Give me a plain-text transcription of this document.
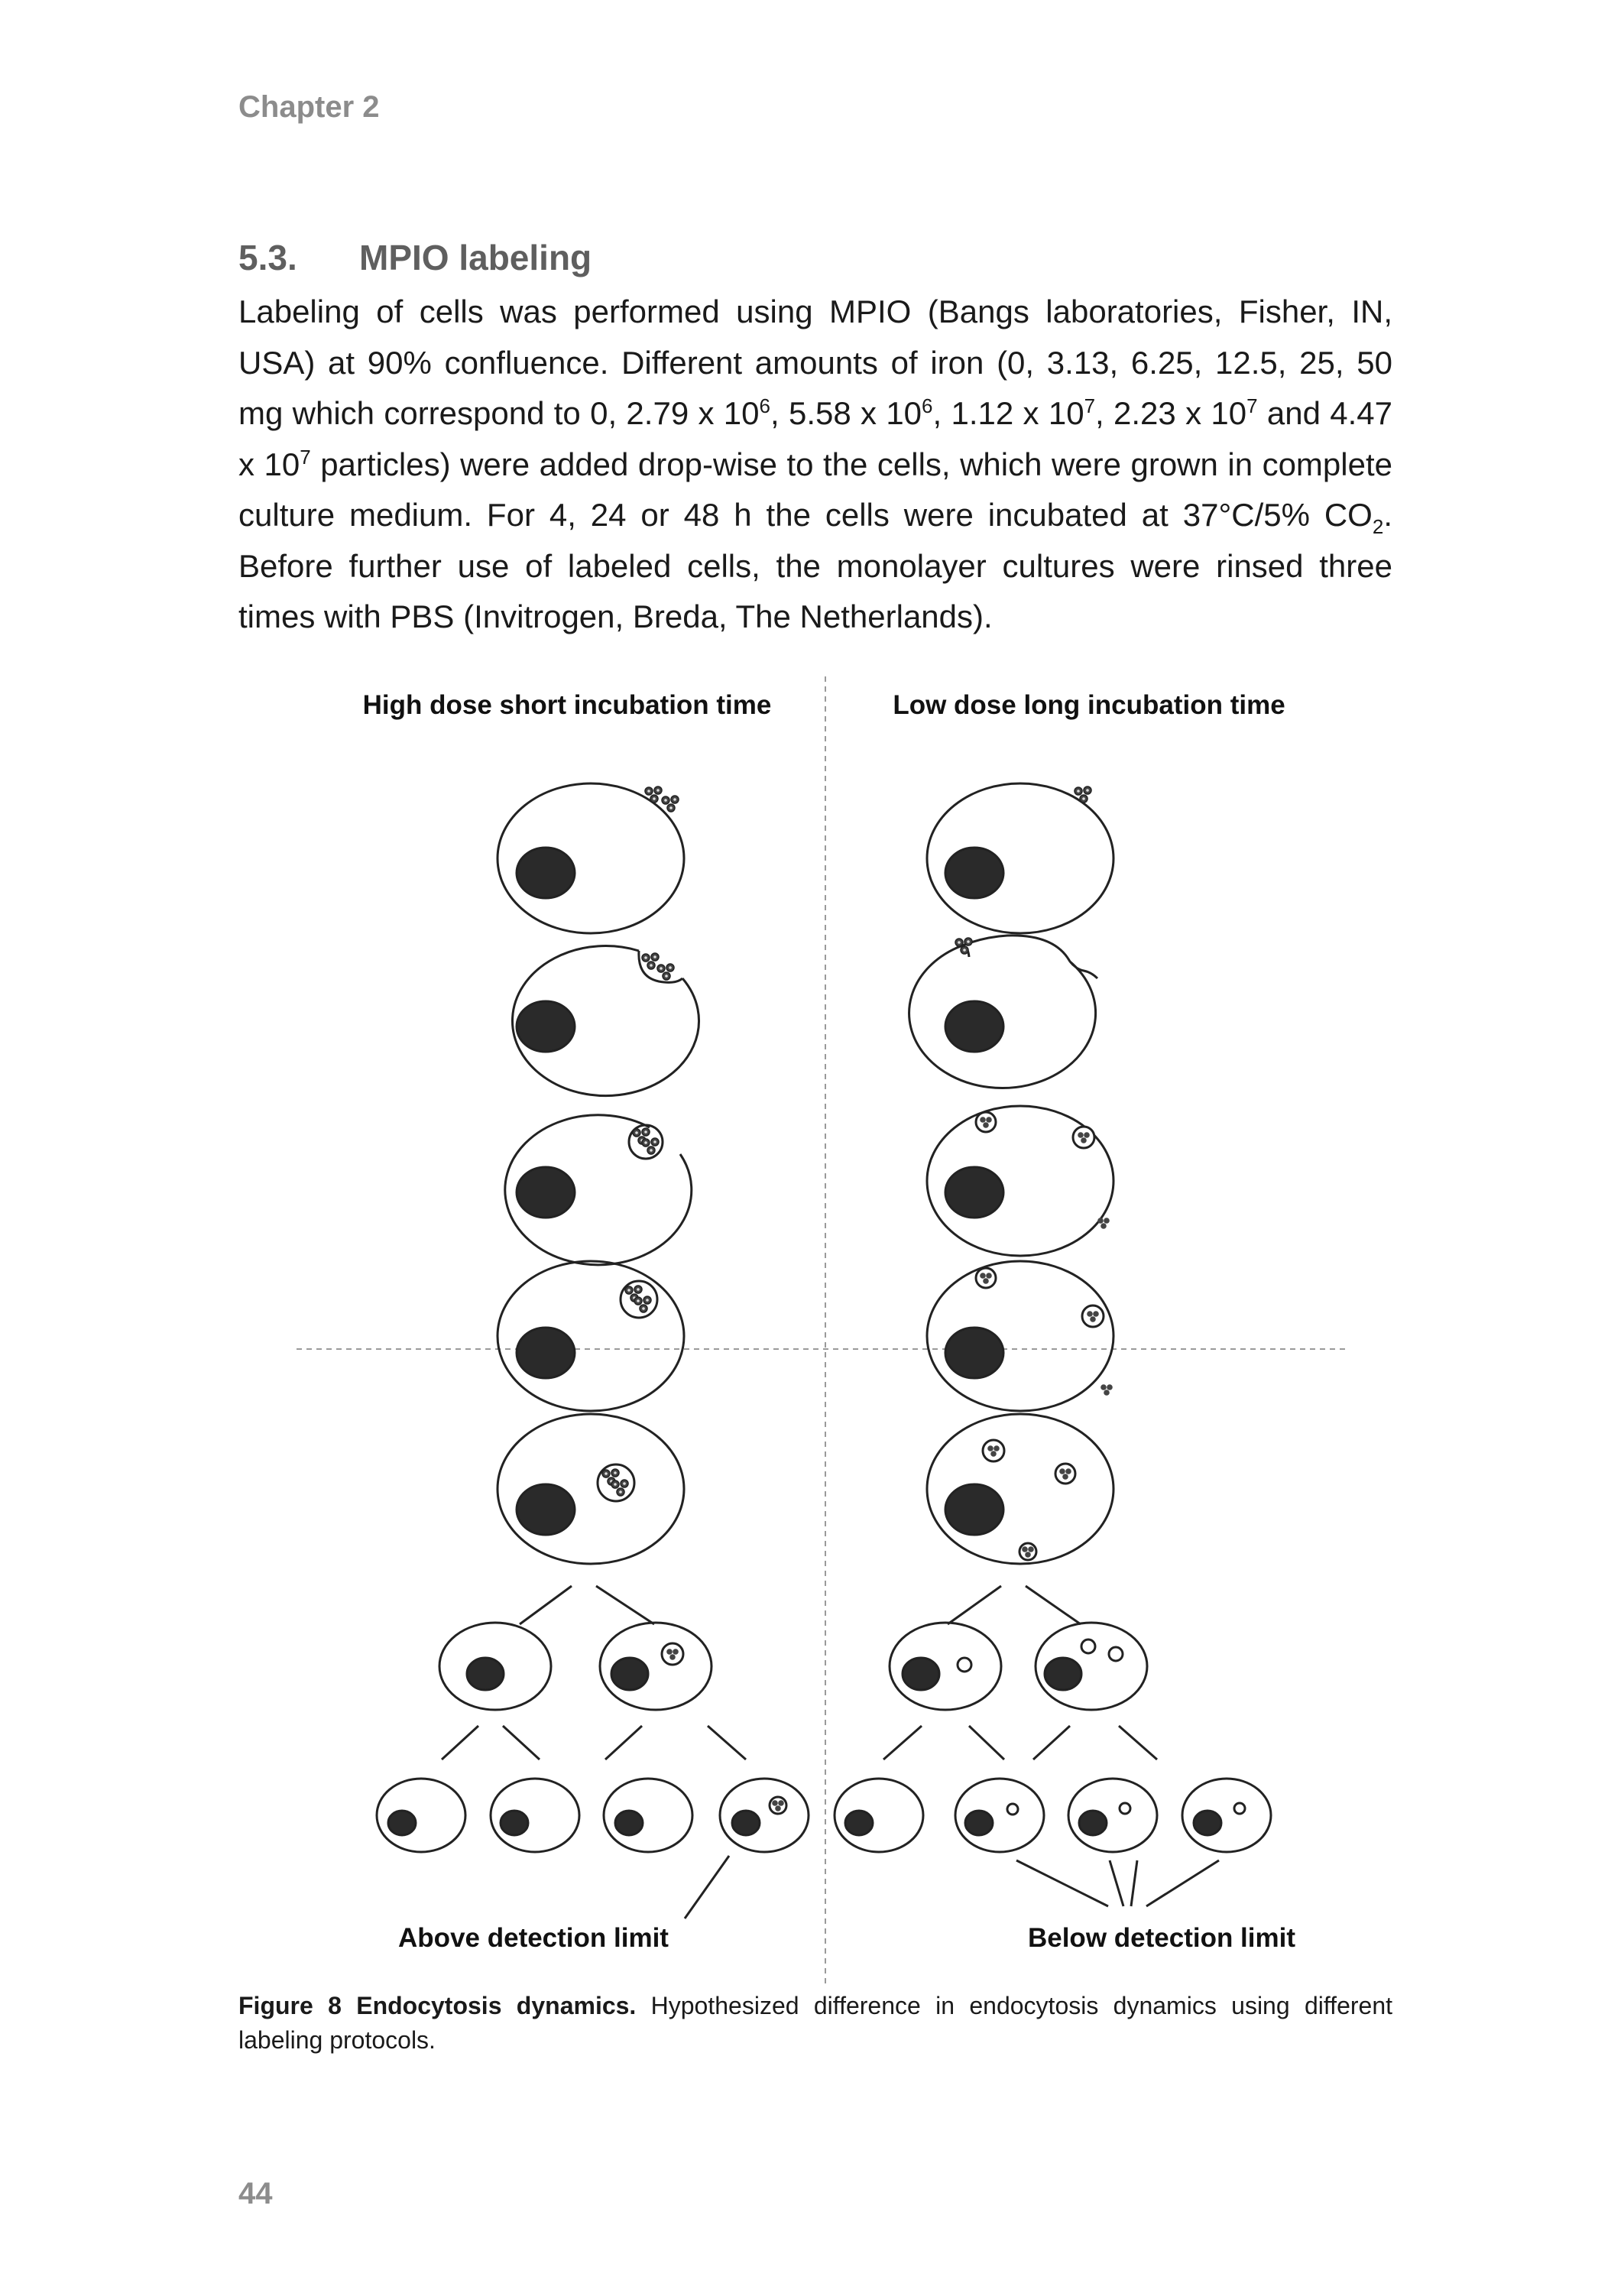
Chapter 2
5.3. MPIO labeling

Labeling of cells was performed using MPIO (Bangs laboratories, Fisher, IN, USA) at 90% confluence. Different amounts of iron (0, 3.13, 6.25, 12.5, 25, 50 mg which correspond to 0, 2.79 x $10^6$, 5.58 x $10^6$, 1.12 x $10^7$, 2.23 x $10^7$ and 4.47 x $10^7$ particles) were added drop-wise to the cells, which were grown in complete culture medium. For 4, 24 or 48 h the cells were incubated at 37°C/5% $CO_2$. Before further use of labeled cells, the monolayer cultures were rinsed three times with PBS (Invitrogen, Breda, The Netherlands).

High dose short incubation time	Low dose long incubation time
Above detection limit	Below detection limit

Figure 8 Endocytosis dynamics. Hypothesized difference in endocytosis dynamics using different labeling protocols.

44
